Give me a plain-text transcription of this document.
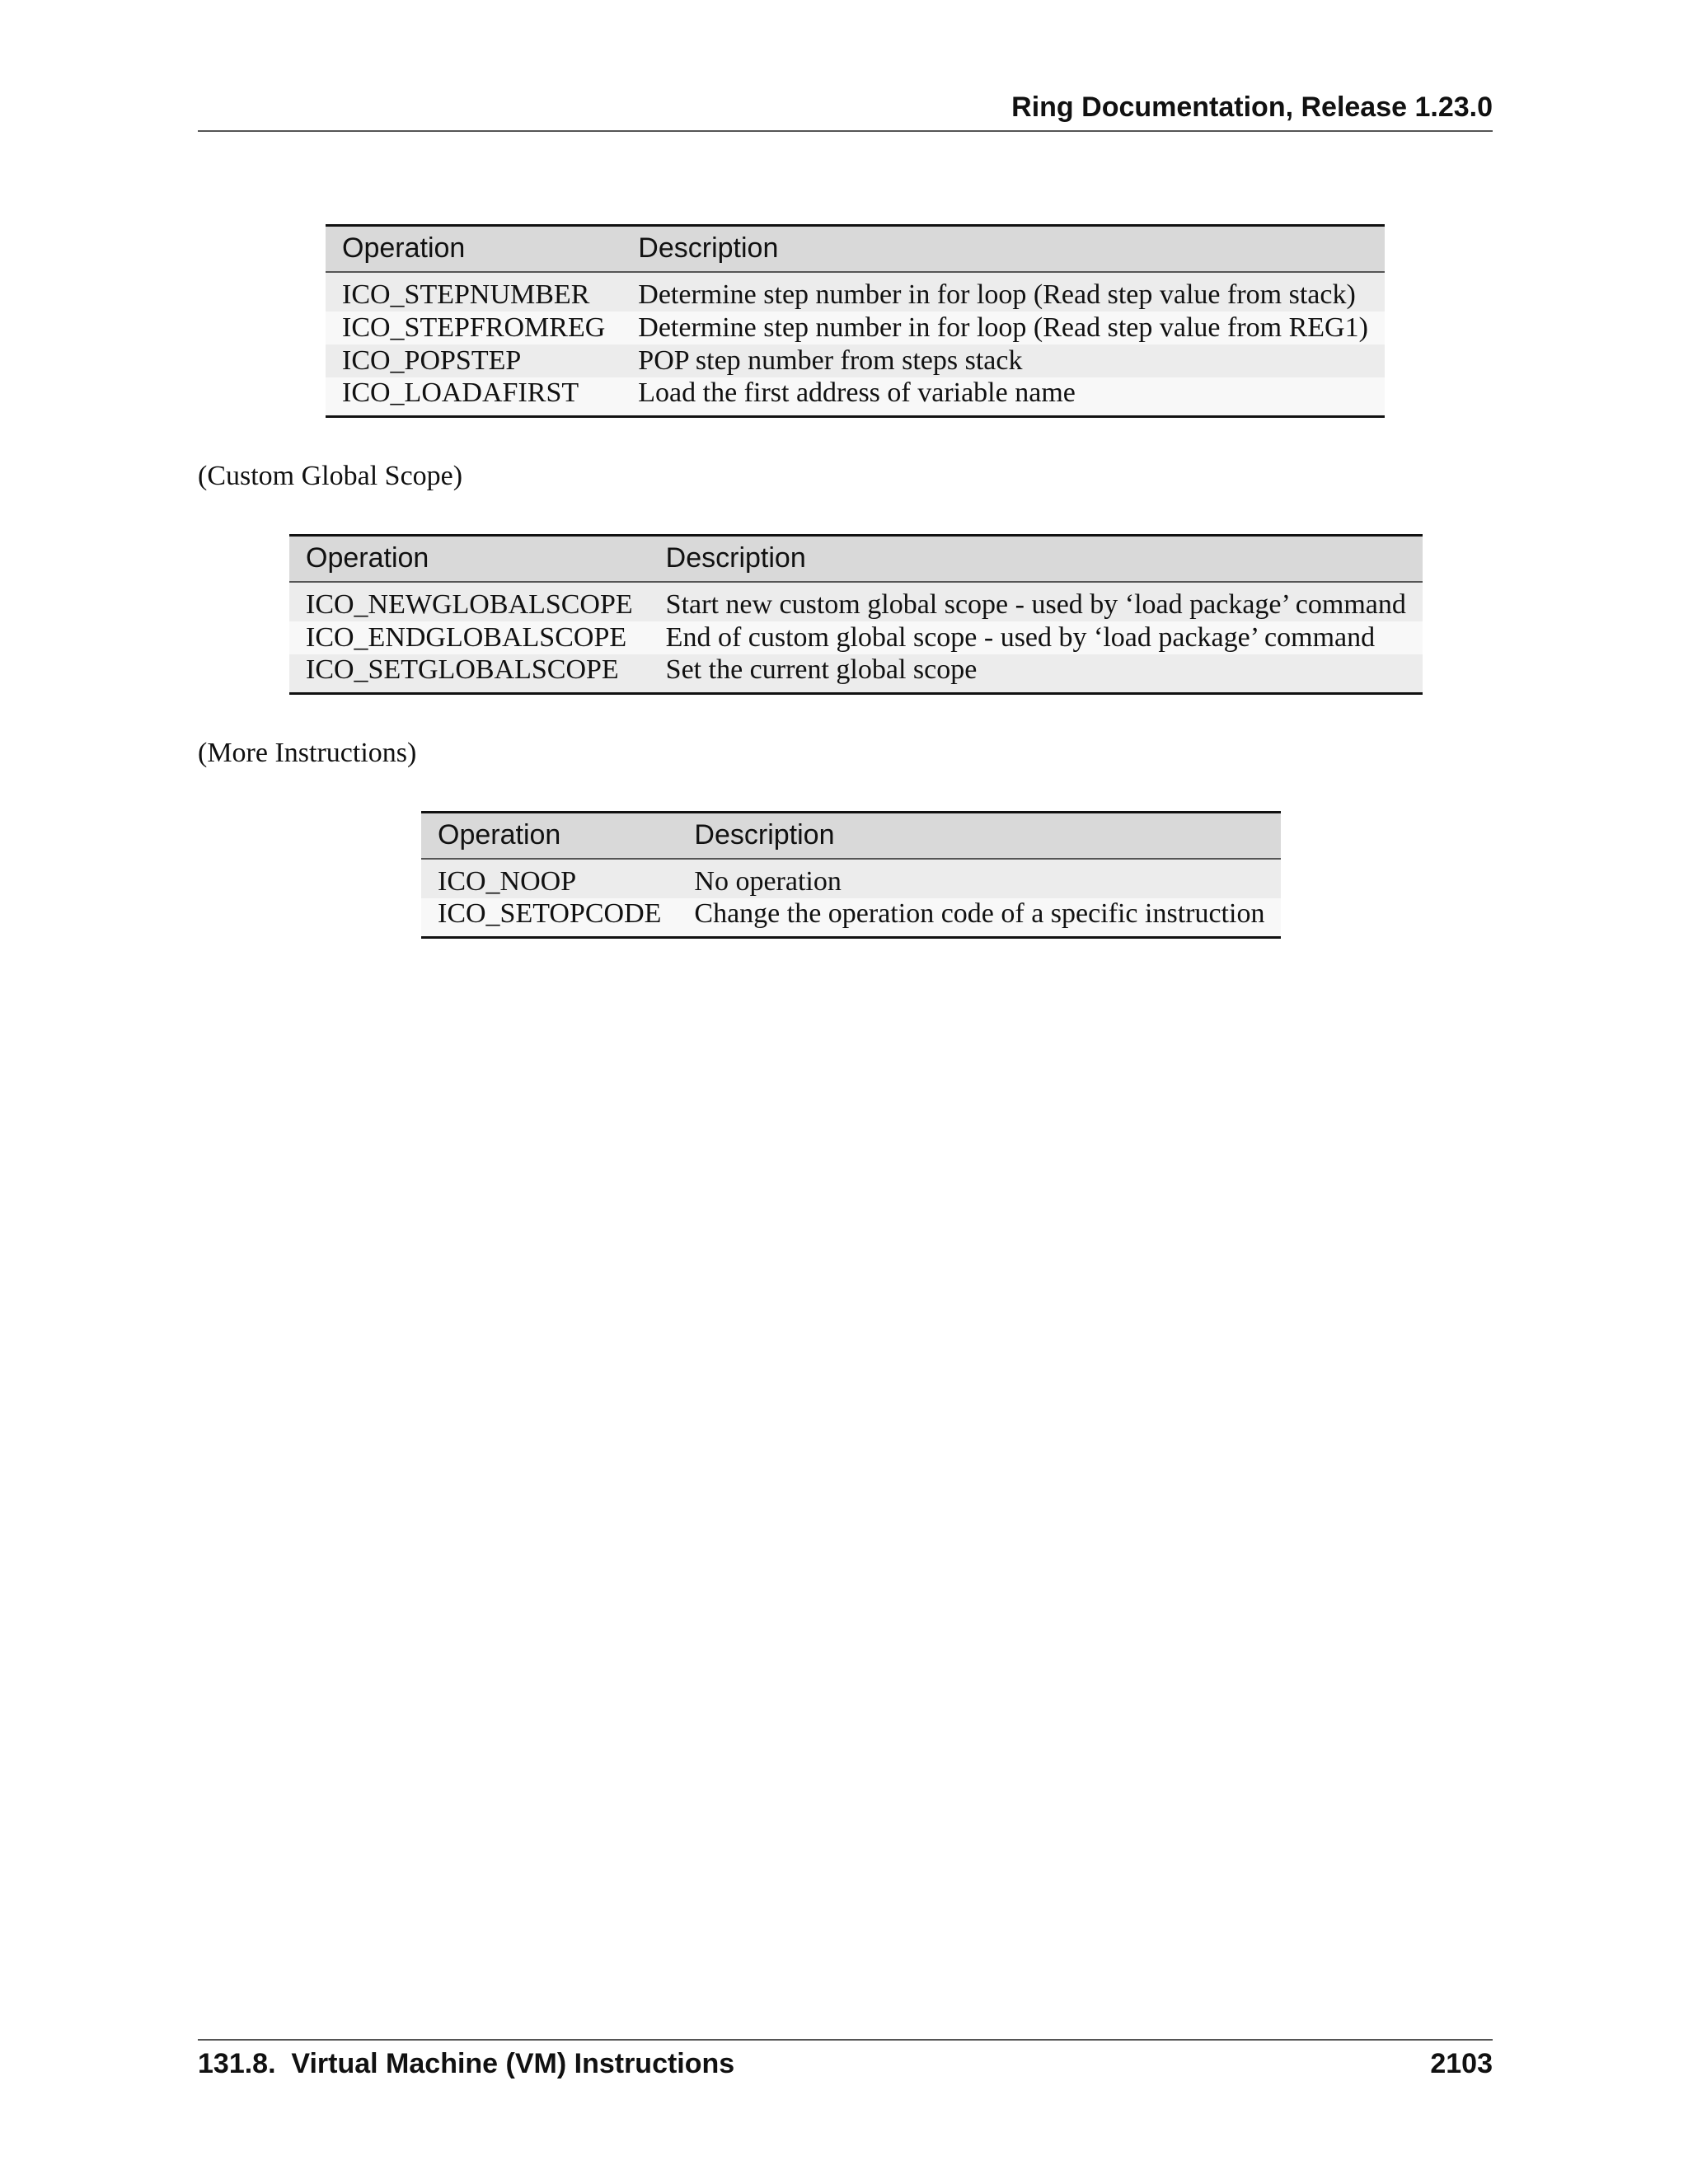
Ring Documentation, Release 1.23.0
Operation	Description
ICO_STEPNUMBER	Determine step number in for loop (Read step value from stack)
ICO_STEPFROMREG	Determine step number in for loop (Read step value from REG1)
ICO_POPSTEP	POP step number from steps stack
ICO_LOADAFIRST	Load the first address of variable name
(Custom Global Scope)
Operation	Description
ICO_NEWGLOBALSCOPE	Start new custom global scope - used by ‘load package’ command
ICO_ENDGLOBALSCOPE	End of custom global scope - used by ‘load package’ command
ICO_SETGLOBALSCOPE	Set the current global scope
(More Instructions)
Operation	Description
ICO_NOOP	No operation
ICO_SETOPCODE	Change the operation code of a specific instruction
131.8.  Virtual Machine (VM) Instructions	2103
